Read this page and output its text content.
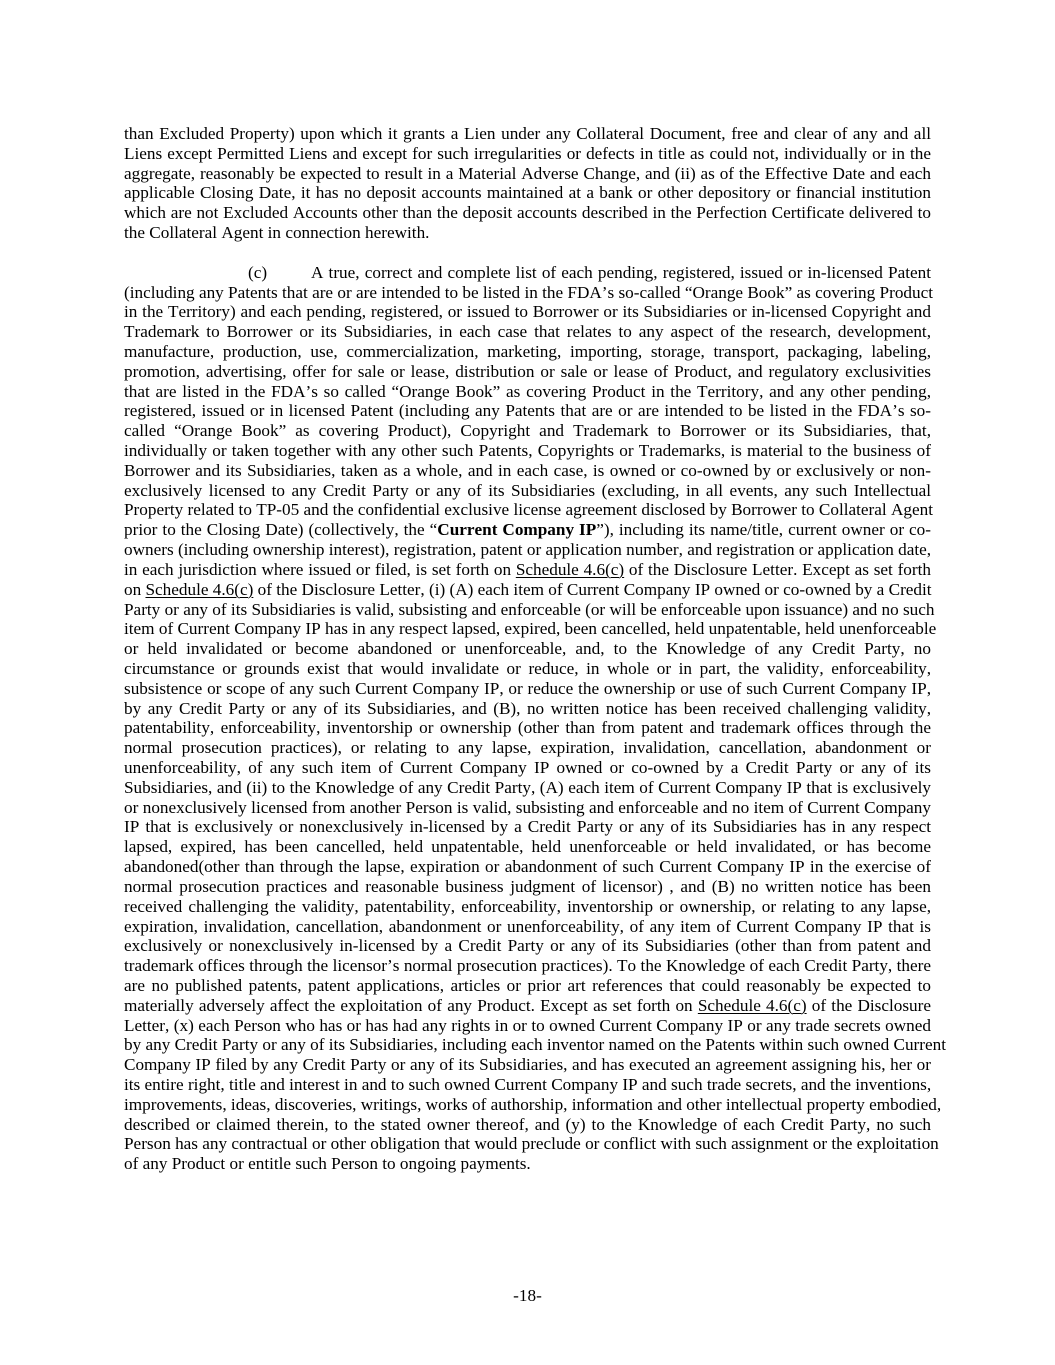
than Excluded Property) upon which it grants a Lien under any Collateral Document, free and clear of any and all
Liens except Permitted Liens and except for such irregularities or defects in title as could not, individually or in the
aggregate, reasonably be expected to result in a Material Adverse Change, and (ii) as of the Effective Date and each
applicable Closing Date, it has no deposit accounts maintained at a bank or other depository or financial institution
which are not Excluded Accounts other than the deposit accounts described in the Perfection Certificate delivered to
the Collateral Agent in connection herewith.
(c)	A true, correct and complete list of each pending, registered, issued or in-licensed Patent
(including any Patents that are or are intended to be listed in the FDA’s so-called “Orange Book” as covering Product
in the Territory) and each pending, registered, or issued to Borrower or its Subsidiaries or in-licensed Copyright and
Trademark to Borrower or its Subsidiaries, in each case that relates to any aspect of the research, development,
manufacture, production, use, commercialization, marketing, importing, storage, transport, packaging, labeling,
promotion, advertising, offer for sale or lease, distribution or sale or lease of Product, and regulatory exclusivities
that are listed in the FDA’s so called “Orange Book” as covering Product in the Territory, and any other pending,
registered, issued or in licensed Patent (including any Patents that are or are intended to be listed in the FDA’s so-
called “Orange Book” as covering Product), Copyright and Trademark to Borrower or its Subsidiaries, that,
individually or taken together with any other such Patents, Copyrights or Trademarks, is material to the business of
Borrower and its Subsidiaries, taken as a whole, and in each case, is owned or co-owned by or exclusively or non-
exclusively licensed to any Credit Party or any of its Subsidiaries (excluding, in all events, any such Intellectual
Property related to TP-05 and the confidential exclusive license agreement disclosed by Borrower to Collateral Agent
prior to the Closing Date) (collectively, the “Current Company IP”), including its name/title, current owner or co-
owners (including ownership interest), registration, patent or application number, and registration or application date,
in each jurisdiction where issued or filed, is set forth on Schedule 4.6(c) of the Disclosure Letter. Except as set forth
on Schedule 4.6(c) of the Disclosure Letter, (i) (A) each item of Current Company IP owned or co-owned by a Credit
Party or any of its Subsidiaries is valid, subsisting and enforceable (or will be enforceable upon issuance) and no such
item of Current Company IP has in any respect lapsed, expired, been cancelled, held unpatentable, held unenforceable
or held invalidated or become abandoned or unenforceable, and, to the Knowledge of any Credit Party, no
circumstance or grounds exist that would invalidate or reduce, in whole or in part, the validity, enforceability,
subsistence or scope of any such Current Company IP, or reduce the ownership or use of such Current Company IP,
by any Credit Party or any of its Subsidiaries, and (B), no written notice has been received challenging validity,
patentability, enforceability, inventorship or ownership (other than from patent and trademark offices through the
normal prosecution practices), or relating to any lapse, expiration, invalidation, cancellation, abandonment or
unenforceability, of any such item of Current Company IP owned or co-owned by a Credit Party or any of its
Subsidiaries, and (ii) to the Knowledge of any Credit Party, (A) each item of Current Company IP that is exclusively
or nonexclusively licensed from another Person is valid, subsisting and enforceable and no item of Current Company
IP that is exclusively or nonexclusively in-licensed by a Credit Party or any of its Subsidiaries has in any respect
lapsed, expired, has been cancelled, held unpatentable, held unenforceable or held invalidated, or has become
abandoned(other than through the lapse, expiration or abandonment of such Current Company IP in the exercise of
normal prosecution practices and reasonable business judgment of licensor) , and (B) no written notice has been
received challenging the validity, patentability, enforceability, inventorship or ownership, or relating to any lapse,
expiration, invalidation, cancellation, abandonment or unenforceability, of any item of Current Company IP that is
exclusively or nonexclusively in-licensed by a Credit Party or any of its Subsidiaries (other than from patent and
trademark offices through the licensor’s normal prosecution practices). To the Knowledge of each Credit Party, there
are no published patents, patent applications, articles or prior art references that could reasonably be expected to
materially adversely affect the exploitation of any Product. Except as set forth on Schedule 4.6(c) of the Disclosure
Letter, (x) each Person who has or has had any rights in or to owned Current Company IP or any trade secrets owned
by any Credit Party or any of its Subsidiaries, including each inventor named on the Patents within such owned Current
Company IP filed by any Credit Party or any of its Subsidiaries, and has executed an agreement assigning his, her or
its entire right, title and interest in and to such owned Current Company IP and such trade secrets, and the inventions,
improvements, ideas, discoveries, writings, works of authorship, information and other intellectual property embodied,
described or claimed therein, to the stated owner thereof, and (y) to the Knowledge of each Credit Party, no such
Person has any contractual or other obligation that would preclude or conflict with such assignment or the exploitation
of any Product or entitle such Person to ongoing payments.
-18-
